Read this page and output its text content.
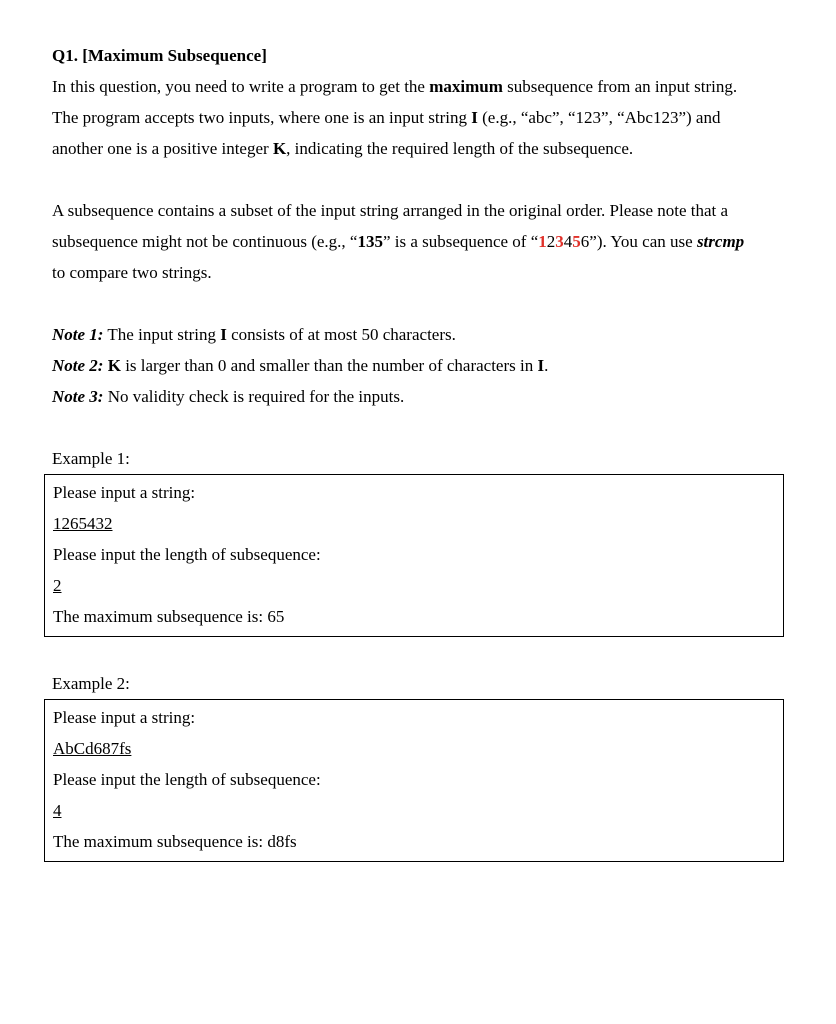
Q1. [Maximum Subsequence]

In this question, you need to write a program to get the maximum subsequence from an input string.

The program accepts two inputs, where one is an input string I (e.g., “abc”, “123”, “Abc123”) and

another one is a positive integer K, indicating the required length of the subsequence.

A subsequence contains a subset of the input string arranged in the original order. Please note that a

subsequence might not be continuous (e.g., “135” is a subsequence of “123456”). You can use strcmp

to compare two strings.

Note 1: The input string I consists of at most 50 characters.

Note 2: K is larger than 0 and smaller than the number of characters in I.

Note 3: No validity check is required for the inputs.

Example 1:

Please input a string:

1265432

Please input the length of subsequence:

2

The maximum subsequence is: 65

Example 2:

Please input a string:

AbCd687fs

Please input the length of subsequence:

4

The maximum subsequence is: d8fs
